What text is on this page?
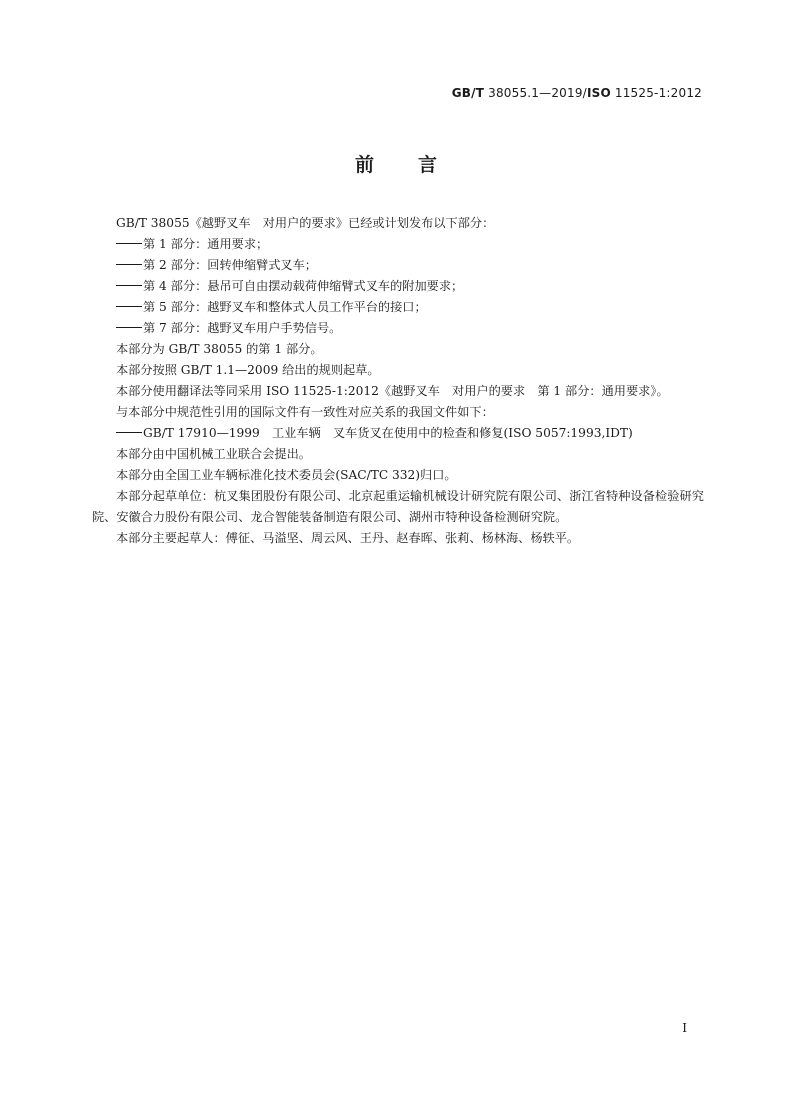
GB/T 38055.1—2019/ISO 11525-1:2012
前言

GB/T 38055《越野叉车　对用户的要求》已经或计划发布以下部分：

第 1 部分：通用要求；

第 2 部分：回转伸缩臂式叉车；

第 4 部分：悬吊可自由摆动载荷伸缩臂式叉车的附加要求；

第 5 部分：越野叉车和整体式人员工作平台的接口；

第 7 部分：越野叉车用户手势信号。

本部分为 GB/T 38055 的第 1 部分。

本部分按照 GB/T 1.1—2009 给出的规则起草。

本部分使用翻译法等同采用 ISO 11525-1:2012《越野叉车　对用户的要求　第 1 部分：通用要求》。

与本部分中规范性引用的国际文件有一致性对应关系的我国文件如下：

GB/T 17910—1999　工业车辆　叉车货叉在使用中的检查和修复(ISO 5057:1993,IDT)

本部分由中国机械工业联合会提出。

本部分由全国工业车辆标准化技术委员会(SAC/TC 332)归口。

本部分起草单位：杭叉集团股份有限公司、北京起重运输机械设计研究院有限公司、浙江省特种设备检验研究院、安徽合力股份有限公司、龙合智能装备制造有限公司、湖州市特种设备检测研究院。

本部分主要起草人：傅征、马溢坚、周云风、王丹、赵春晖、张莉、杨林海、杨轶平。

I
